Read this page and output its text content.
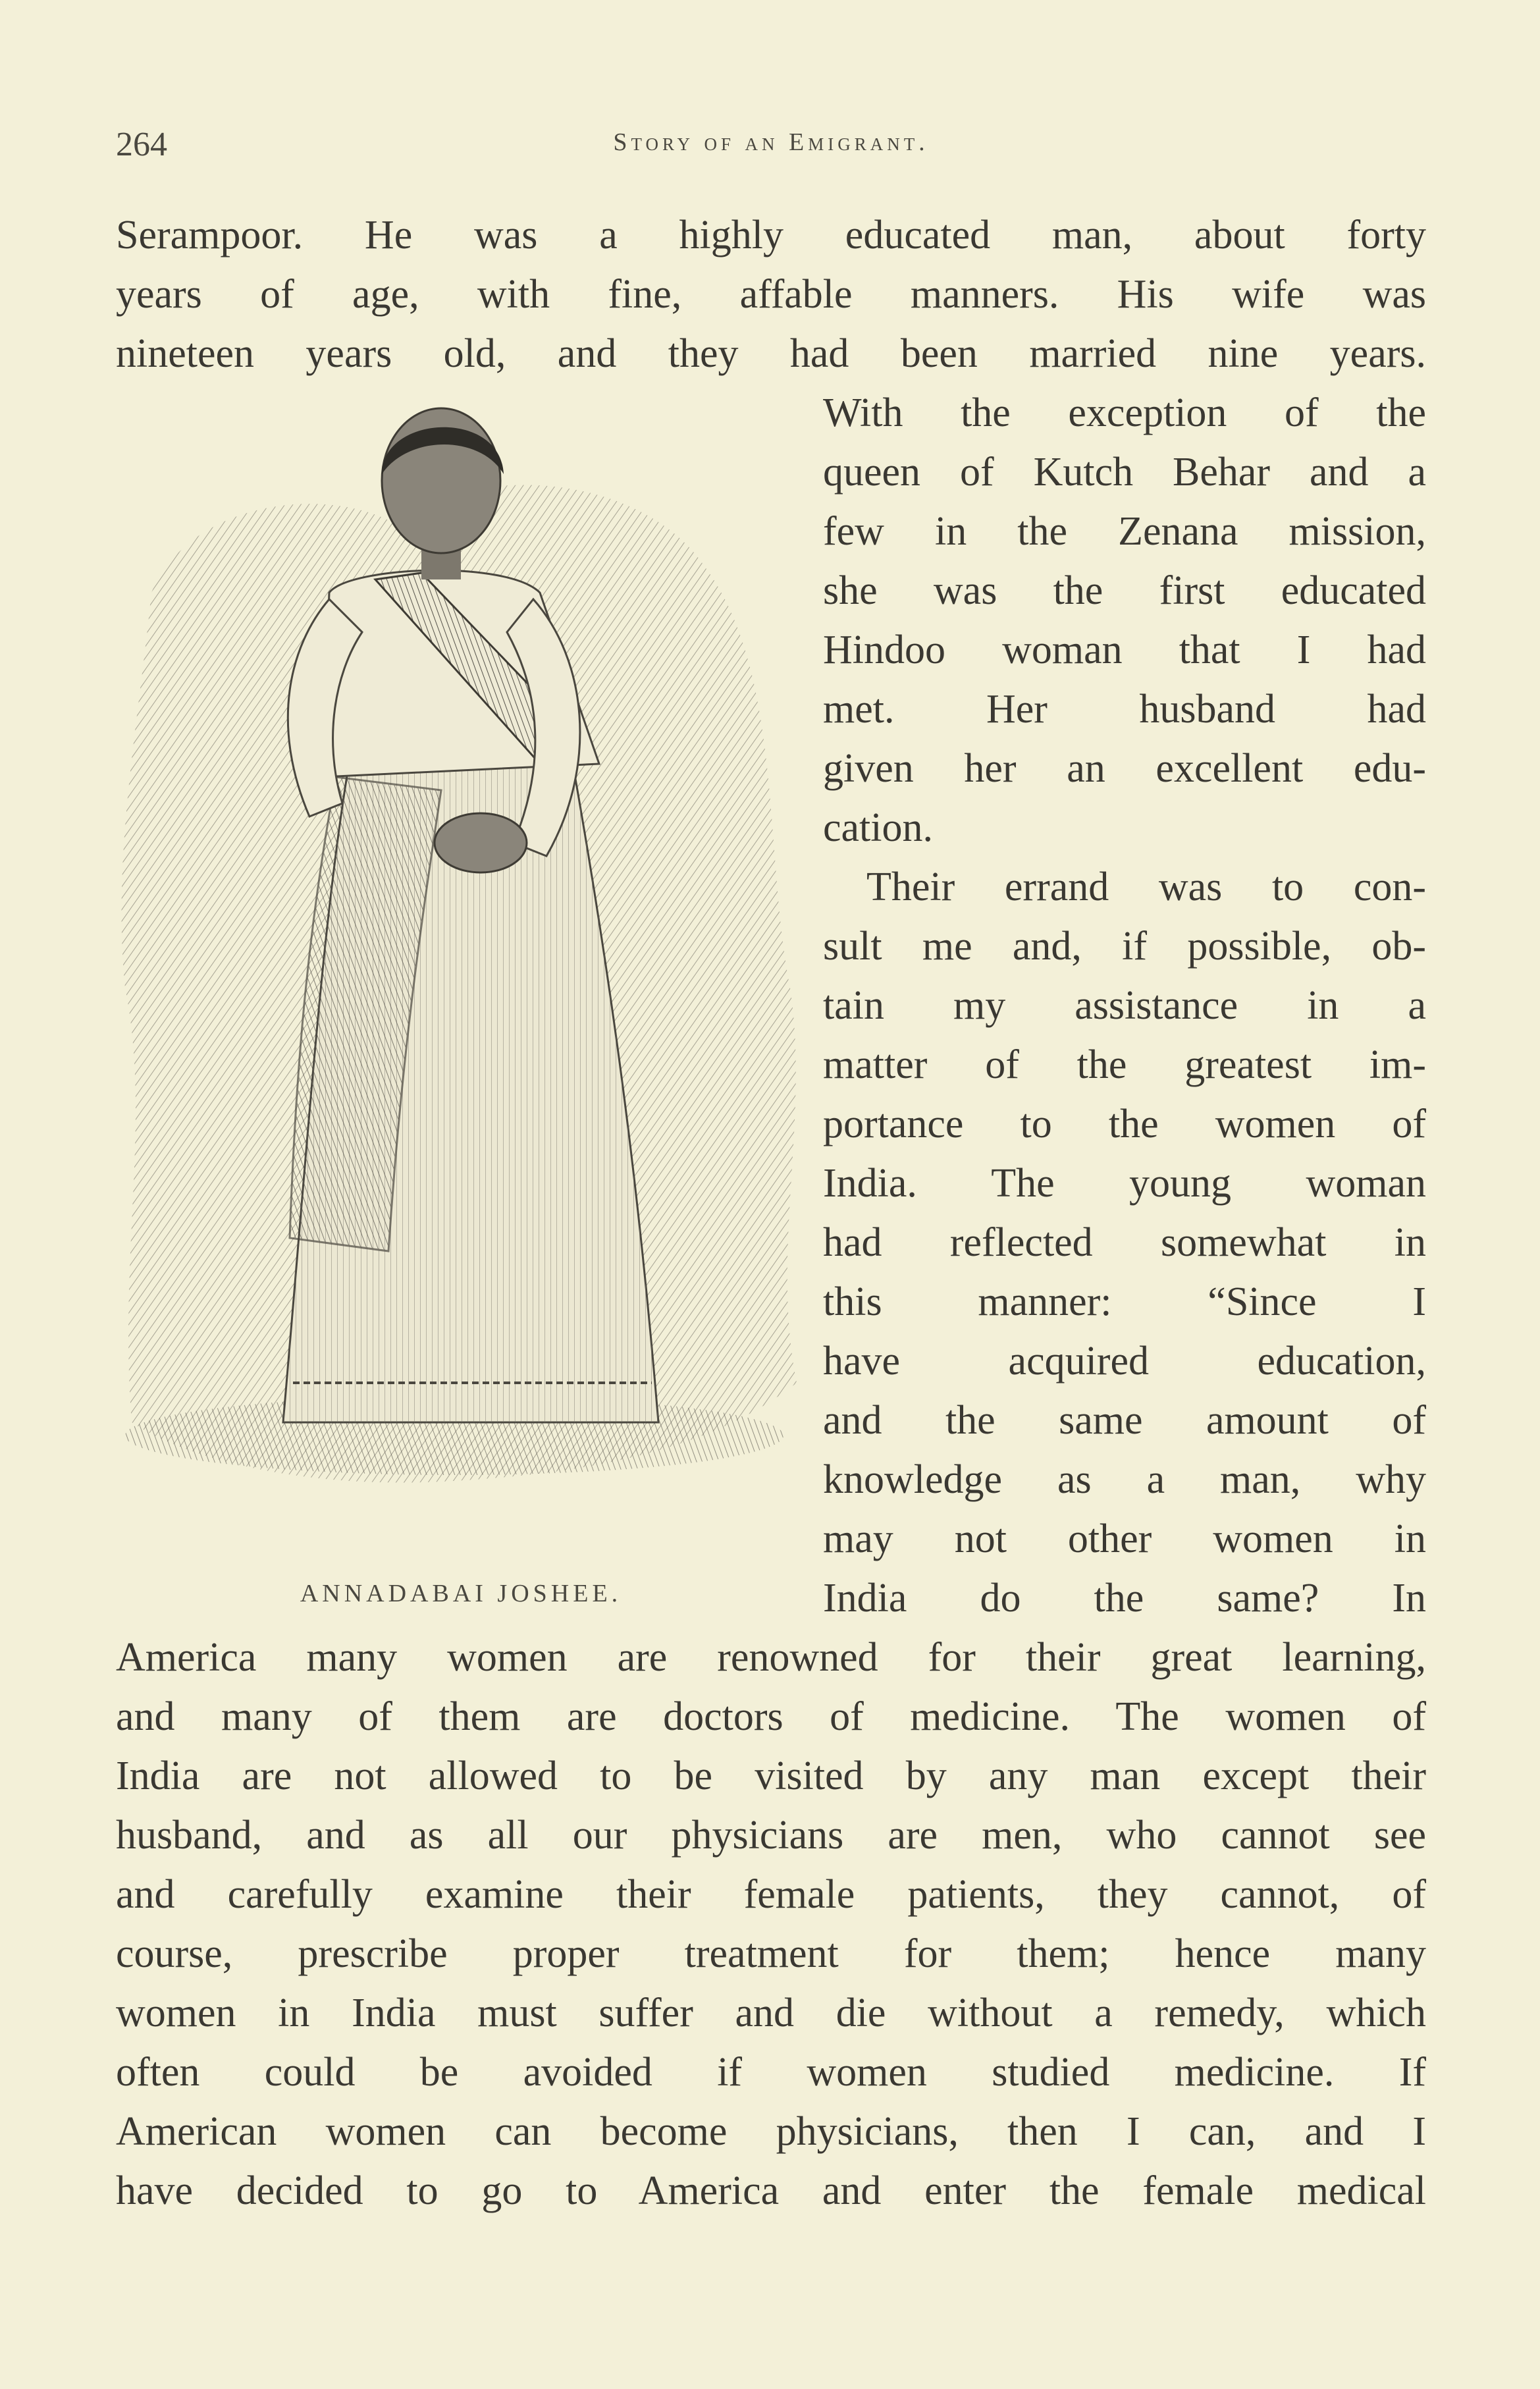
264	Story of an Emigrant.
Serampoor. He was a highly educated man, about forty
years of age, with fine, affable manners. His wife was
nineteen years old, and they had been married nine years.
ANNADABAI JOSHEE.
With the exception of the
queen of Kutch Behar and a
few in the Zenana mission,
she was the first educated
Hindoo woman that I had
met. Her husband had
given her an excellent edu-
cation.
Their errand was to con-
sult me and, if possible, ob-
tain my assistance in a
matter of the greatest im-
portance to the women of
India. The young woman
had reflected somewhat in
this manner: “Since I
have acquired education,
and the same amount of
knowledge as a man, why
may not other women in
India do the same? In
America many women are renowned for their great learning,
and many of them are doctors of medicine. The women of
India are not allowed to be visited by any man except their
husband, and as all our physicians are men, who cannot see
and carefully examine their female patients, they cannot, of
course, prescribe proper treatment for them; hence many
women in India must suffer and die without a remedy, which
often could be avoided if women studied medicine. If
American women can become physicians, then I can, and I
have decided to go to America and enter the female medical
